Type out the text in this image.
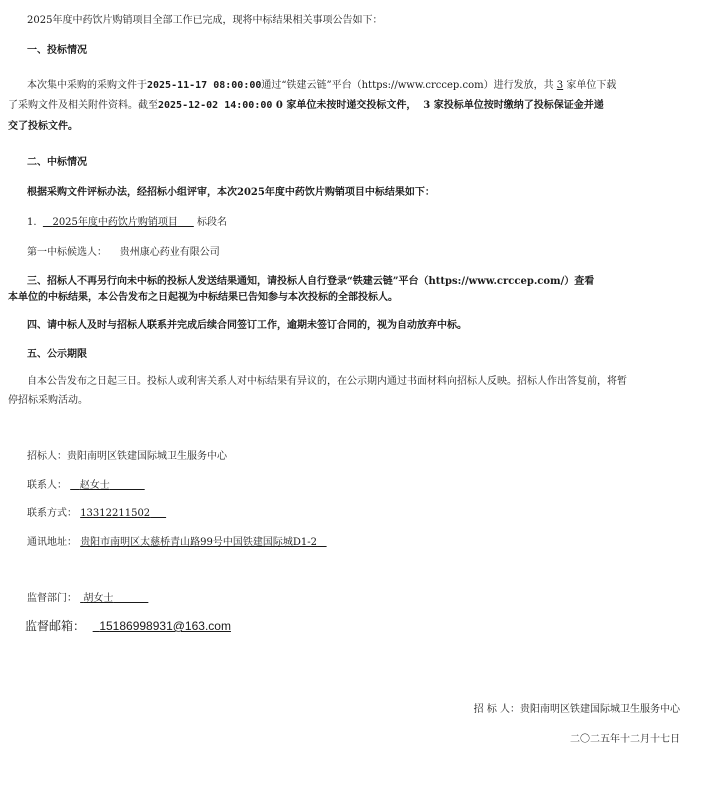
2025年度中药饮片购销项目全部工作已完成，现将中标结果相关事项公告如下：
一、投标情况
本次集中采购的采购文件于2025-11-17 08:00:00通过“铁建云链”平台（https://www.crccep.com）进行发放，共 3 家单位下载
了采购文件及相关附件资料。截至2025-12-02 14:00:00 0 家单位未按时递交投标文件， 3 家投标单位按时缴纳了投标保证金并递
交了投标文件。
二、中标情况
根据采购文件评标办法，经招标小组评审，本次2025年度中药饮片购销项目中标结果如下：
1. 2025年度中药饮片购销项目 标段名
第一中标候选人： 贵州康心药业有限公司
三、招标人不再另行向未中标的投标人发送结果通知，请投标人自行登录“铁建云链”平台（https://www.crccep.com/）查看
本单位的中标结果，本公告发布之日起视为中标结果已告知参与本次投标的全部投标人。
四、请中标人及时与招标人联系并完成后续合同签订工作，逾期未签订合同的，视为自动放弃中标。
五、公示期限
自本公告发布之日起三日。投标人或利害关系人对中标结果有异议的，在公示期内通过书面材料向招标人反映。招标人作出答复前，将暂
停招标采购活动。
招标人：贵阳南明区铁建国际城卫生服务中心
联系人： 赵女士
联系方式： 13312211502
通讯地址： 贵阳市南明区太慈桥青山路99号中国铁建国际城D1-2
监督部门： 胡女士
监督邮箱： 15186998931@163.com
招 标 人：贵阳南明区铁建国际城卫生服务中心
二〇二五年十二月十七日
